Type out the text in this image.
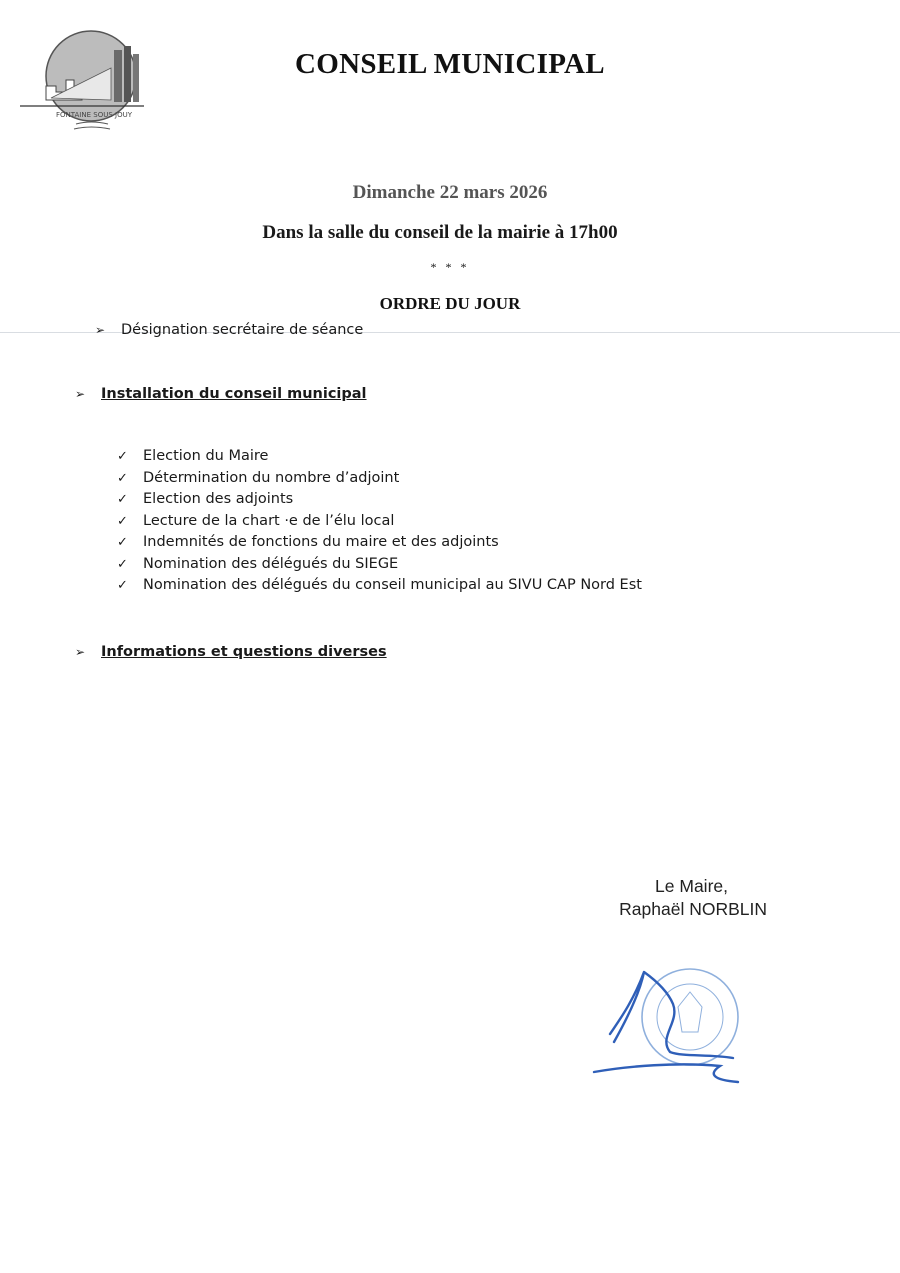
FONTAINE SOUS JOUY
CONSEIL MUNICIPAL
Dimanche 22 mars 2026
Dans la salle du conseil de la mairie à 17h00
* * *
ORDRE DU JOUR
➢ Désignation secrétaire de séance
➢ Installation du conseil municipal
✓ Election du Maire
✓ Détermination du nombre d’adjoint
✓ Election des adjoints
✓ Lecture de la chart ·e de l’élu local
✓ Indemnités de fonctions du maire et des adjoints
✓ Nomination des délégués du SIEGE
✓ Nomination des délégués du conseil municipal au SIVU CAP Nord Est
➢ Informations et questions diverses
Le Maire,
Raphaël NORBLIN
